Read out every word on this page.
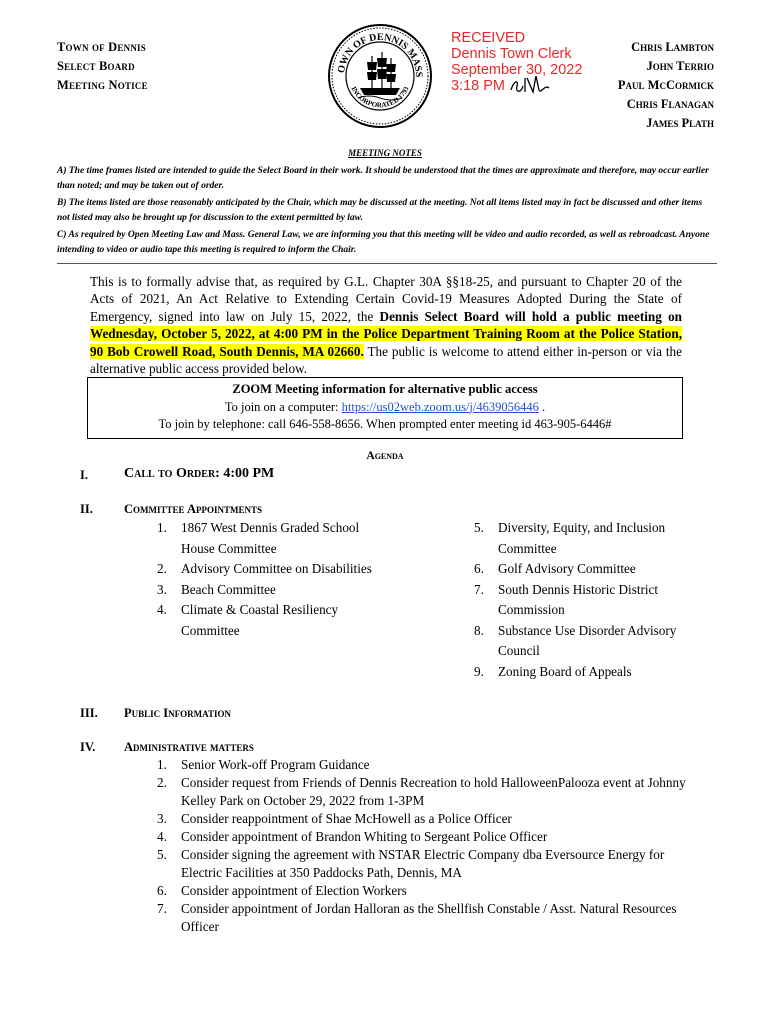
Town of Dennis
Select Board
Meeting Notice
OWN OF DENNIS MASS
INCORPORATED 1793
RECEIVED
Dennis Town Clerk
September 30, 2022
3:18 PM
Chris Lambton
John Terrio
Paul McCormick
Chris Flanagan
James Plath
MEETING NOTES
A) The time frames listed are intended to guide the Select Board in their work. It should be understood that the times are approximate and therefore, may occur earlier than noted; and may be taken out of order.
B) The items listed are those reasonably anticipated by the Chair, which may be discussed at the meeting. Not all items listed may in fact be discussed and other items not listed may also be brought up for discussion to the extent permitted by law.
C) As required by Open Meeting Law and Mass. General Law, we are informing you that this meeting will be video and audio recorded, as well as rebroadcast. Anyone intending to video or audio tape this meeting is required to inform the Chair.
This is to formally advise that, as required by G.L. Chapter 30A §§18-25, and pursuant to Chapter 20 of the Acts of 2021, An Act Relative to Extending Certain Covid-19 Measures Adopted During the State of Emergency, signed into law on July 15, 2022, the Dennis Select Board will hold a public meeting on Wednesday, October 5, 2022, at 4:00 PM in the Police Department Training Room at the Police Station, 90 Bob Crowell Road, South Dennis, MA 02660. The public is welcome to attend either in-person or via the alternative public access provided below.
ZOOM Meeting information for alternative public access
To join on a computer: https://us02web.zoom.us/j/4639056446 .
To join by telephone: call 646-558-8656. When prompted enter meeting id 463-905-6446#
Agenda
I.	Call to Order: 4:00 PM
II. Committee Appointments
1. 1867 West Dennis Graded School House Committee
2. Advisory Committee on Disabilities
3. Beach Committee
4. Climate & Coastal Resiliency Committee
5. Diversity, Equity, and Inclusion Committee
6. Golf Advisory Committee
7. South Dennis Historic District Commission
8. Substance Use Disorder Advisory Council
9. Zoning Board of Appeals
III. Public Information
IV. Administrative matters
1. Senior Work-off Program Guidance
2. Consider request from Friends of Dennis Recreation to hold HalloweenPalooza event at Johnny Kelley Park on October 29, 2022 from 1-3PM
3. Consider reappointment of Shae McHowell as a Police Officer
4. Consider appointment of Brandon Whiting to Sergeant Police Officer
5. Consider signing the agreement with NSTAR Electric Company dba Eversource Energy for Electric Facilities at 350 Paddocks Path, Dennis, MA
6. Consider appointment of Election Workers
7. Consider appointment of Jordan Halloran as the Shellfish Constable / Asst. Natural Resources Officer
